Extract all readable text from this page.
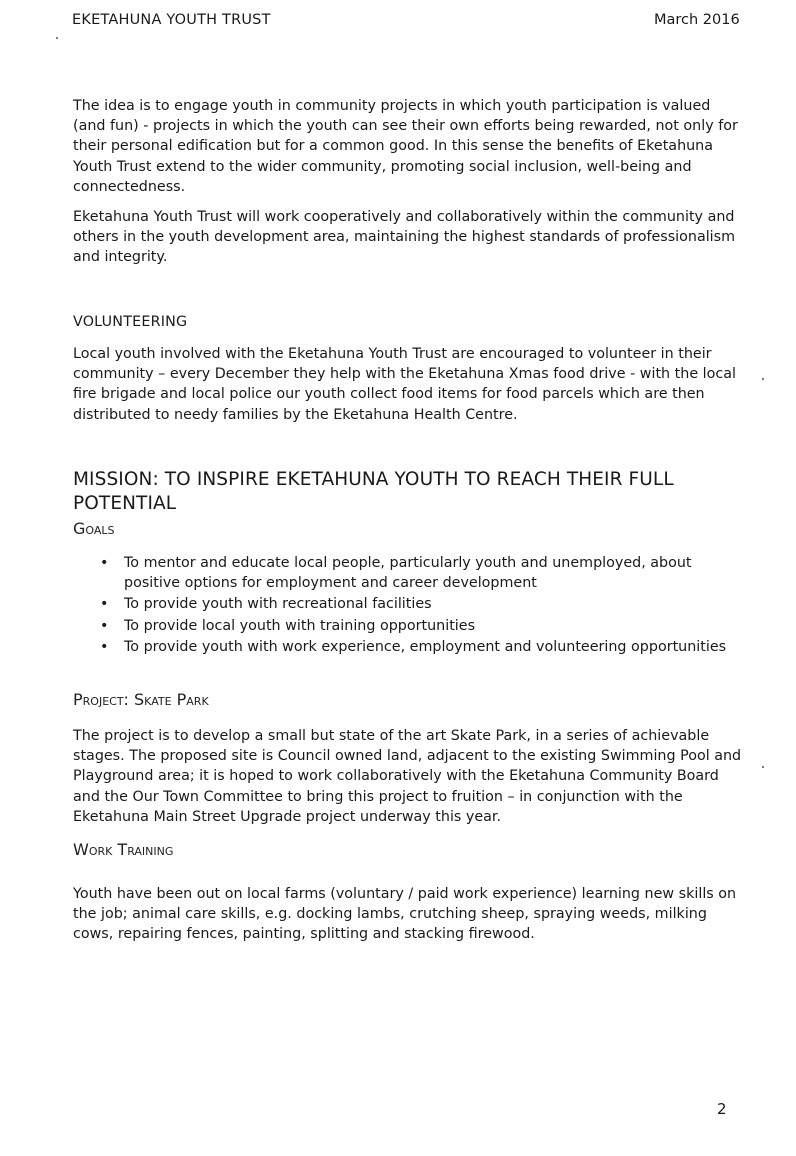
EKETAHUNA YOUTH TRUST	March 2016

The idea is to engage youth in community projects in which youth participation is valued (and fun) - projects in which the youth can see their own efforts being rewarded, not only for their personal edification but for a common good. In this sense the benefits of Eketahuna Youth Trust extend to the wider community, promoting social inclusion, well-being and connectedness.

Eketahuna Youth Trust will work cooperatively and collaboratively within the community and others in the youth development area, maintaining the highest standards of professionalism and integrity.

VOLUNTEERING

Local youth involved with the Eketahuna Youth Trust are encouraged to volunteer in their community – every December they help with the Eketahuna Xmas food drive - with the local fire brigade and local police our youth collect food items for food parcels which are then distributed to needy families by the Eketahuna Health Centre.

MISSION: TO INSPIRE EKETAHUNA YOUTH TO REACH THEIR FULL POTENTIAL
Goals
• To mentor and educate local people, particularly youth and unemployed, about positive options for employment and career development
• To provide youth with recreational facilities
• To provide local youth with training opportunities
• To provide youth with work experience, employment and volunteering opportunities
Project: Skate Park

The project is to develop a small but state of the art Skate Park, in a series of achievable stages. The proposed site is Council owned land, adjacent to the existing Swimming Pool and Playground area; it is hoped to work collaboratively with the Eketahuna Community Board and the Our Town Committee to bring this project to fruition – in conjunction with the Eketahuna Main Street Upgrade project underway this year.

Work Training

Youth have been out on local farms (voluntary / paid work experience) learning new skills on the job; animal care skills, e.g. docking lambs, crutching sheep, spraying weeds, milking cows, repairing fences, painting, splitting and stacking firewood.

2
